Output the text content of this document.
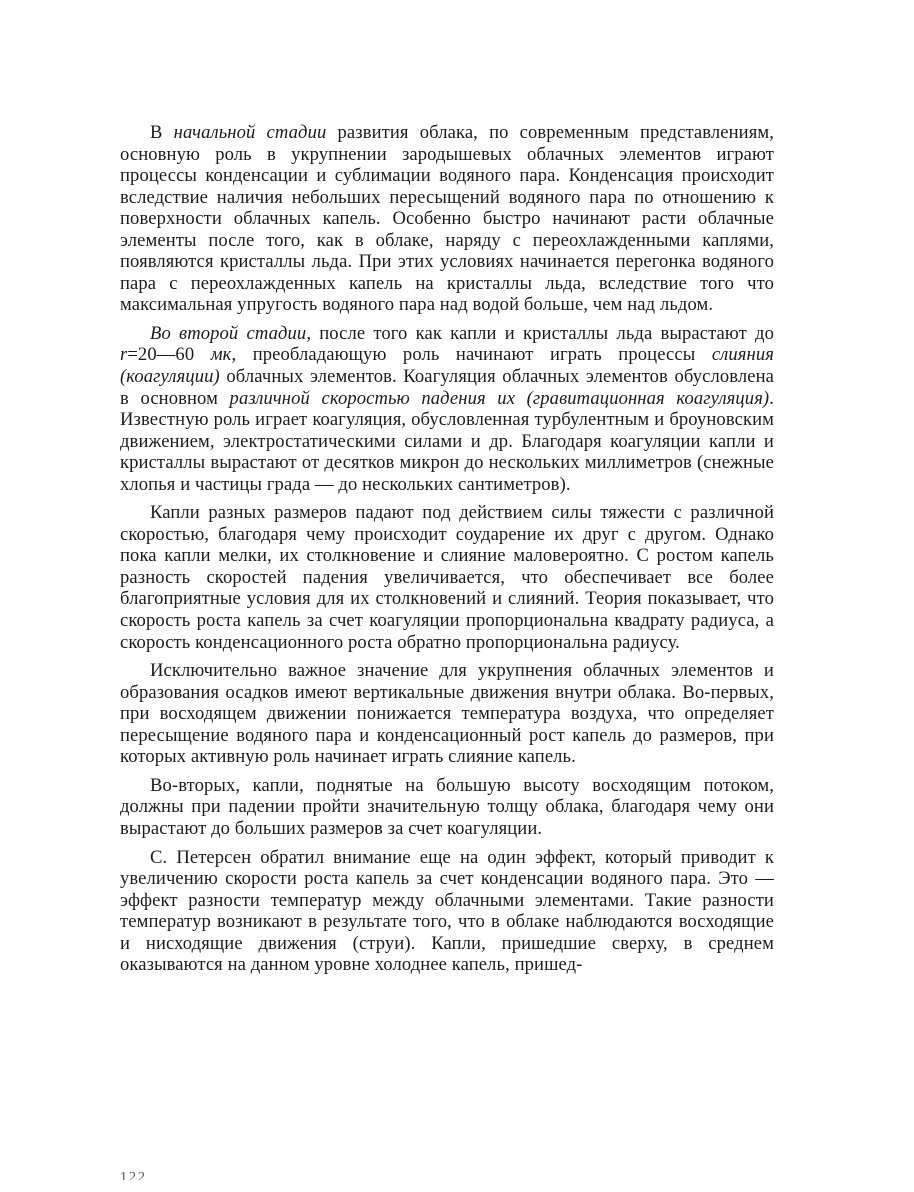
В начальной стадии развития облака, по современным представлениям, основную роль в укрупнении зародышевых облачных элементов играют процессы конденсации и сублимации водяного пара. Конденсация происходит вследствие наличия небольших пересыщений водяного пара по отношению к поверхности облачных капель. Особенно быстро начинают расти облачные элементы после того, как в облаке, наряду с переохлажденными каплями, появляются кристаллы льда. При этих условиях начинается перегонка водяного пара с переохлажденных капель на кристаллы льда, вследствие того что максимальная упругость водяного пара над водой больше, чем над льдом.

Во второй стадии, после того как капли и кристаллы льда вырастают до r=20—60 мк, преобладающую роль начинают играть процессы слияния (коагуляции) облачных элементов. Коагуляция облачных элементов обусловлена в основном различной скоростью падения их (гравитационная коагуляция). Известную роль играет коагуляция, обусловленная турбулентным и броуновским движением, электростатическими силами и др. Благодаря коагуляции капли и кристаллы вырастают от десятков микрон до нескольких миллиметров (снежные хлопья и частицы града — до нескольких сантиметров).

Капли разных размеров падают под действием силы тяжести с различной скоростью, благодаря чему происходит соударение их друг с другом. Однако пока капли мелки, их столкновение и слияние маловероятно. С ростом капель разность скоростей падения увеличивается, что обеспечивает все более благоприятные условия для их столкновений и слияний. Теория показывает, что скорость роста капель за счет коагуляции пропорциональна квадрату радиуса, а скорость конденсационного роста обратно пропорциональна радиусу.

Исключительно важное значение для укрупнения облачных элементов и образования осадков имеют вертикальные движения внутри облака. Во-первых, при восходящем движении понижается температура воздуха, что определяет пересыщение водяного пара и конденсационный рост капель до размеров, при которых активную роль начинает играть слияние капель.

Во-вторых, капли, поднятые на большую высоту восходящим потоком, должны при падении пройти значительную толщу облака, благодаря чему они вырастают до больших размеров за счет коагуляции.

С. Петерсен обратил внимание еще на один эффект, который приводит к увеличению скорости роста капель за счет конденсации водяного пара. Это — эффект разности температур между облачными элементами. Такие разности температур возникают в результате того, что в облаке наблюдаются восходящие и нисходящие движения (струи). Капли, пришедшие сверху, в среднем оказываются на данном уровне холоднее капель, пришед-

122
